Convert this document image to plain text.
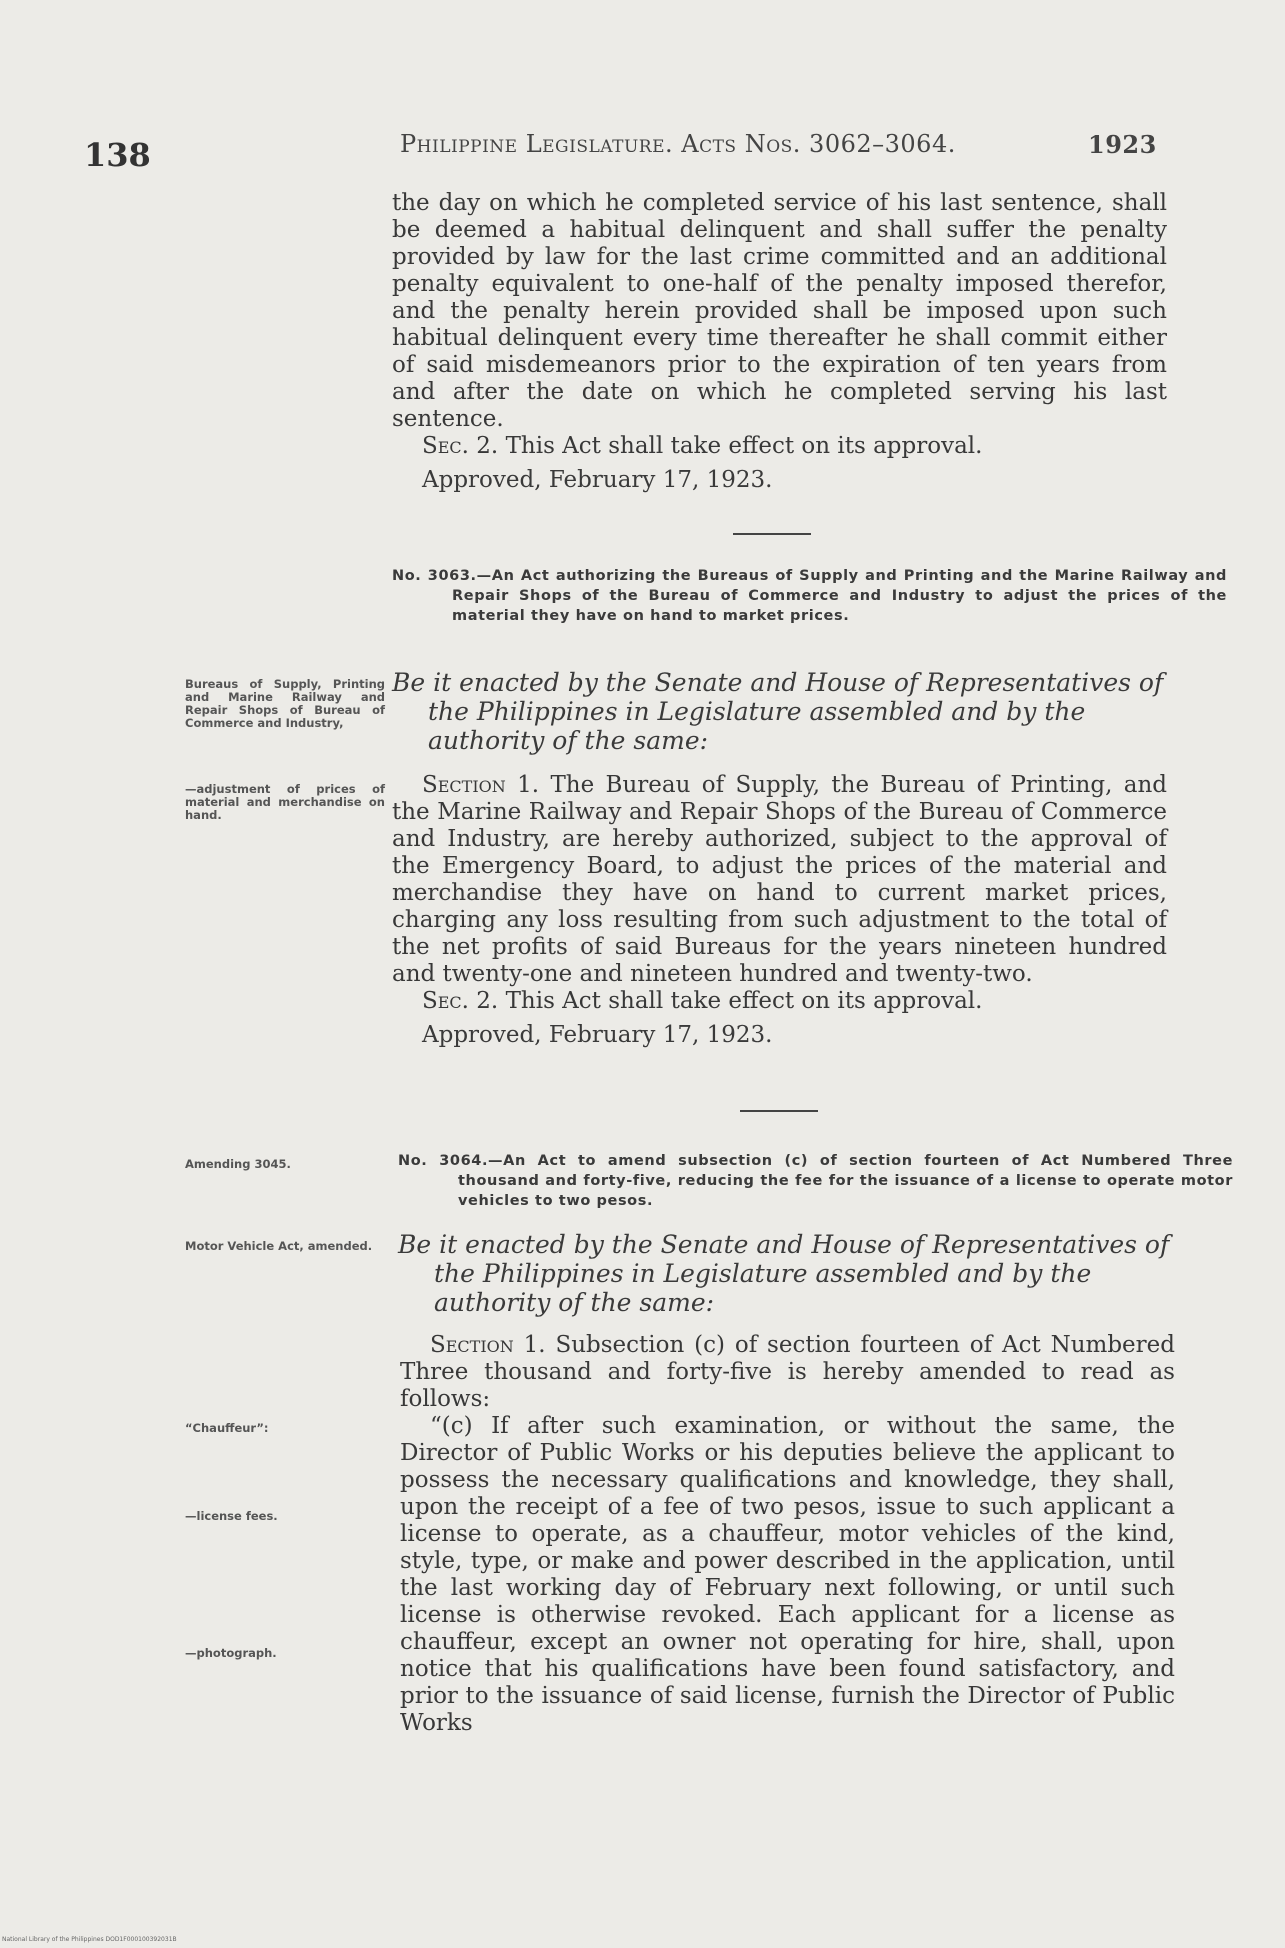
138	Philippine Legislature. Acts Nos. 3062–3064.	1923

the day on which he completed service of his last sentence, shall be deemed a habitual delinquent and shall suffer the penalty provided by law for the last crime committed and an additional penalty equivalent to one-half of the penalty imposed therefor, and the penalty herein provided shall be imposed upon such habitual delinquent every time thereafter he shall commit either of said misdemeanors prior to the expiration of ten years from and after the date on which he completed serving his last sentence.

Sec. 2. This Act shall take effect on its approval.

Approved, February 17, 1923.

No. 3063.—An Act authorizing the Bureaus of Supply and Printing and the Marine Railway and Repair Shops of the Bureau of Commerce and Industry to adjust the prices of the material they have on hand to market prices.
Bureaus of Supply, Printing and Marine Railway and Repair Shops of Bureau of Commerce and Industry,
—adjustment of prices of material and merchandise on hand.
Be it enacted by the Senate and House of Representatives of the Philippines in Legislature assembled and by the authority of the same:

Section 1. The Bureau of Supply, the Bureau of Printing, and the Marine Railway and Repair Shops of the Bureau of Commerce and Industry, are hereby authorized, subject to the approval of the Emergency Board, to adjust the prices of the material and merchandise they have on hand to current market prices, charging any loss resulting from such adjustment to the total of the net profits of said Bureaus for the years nineteen hundred and twenty-one and nineteen hundred and twenty-two.

Sec. 2. This Act shall take effect on its approval.

Approved, February 17, 1923.

Amending 3045.	No. 3064.—An Act to amend subsection (c) of section fourteen of Act Numbered Three thousand and forty-five, reducing the fee for the issuance of a license to operate motor vehicles to two pesos.
Motor Vehicle Act, amended.	Be it enacted by the Senate and House of Representatives of the Philippines in Legislature assembled and by the authority of the same:

Section 1. Subsection (c) of section fourteen of Act Numbered Three thousand and forty-five is hereby amended to read as follows:

“(c) If after such examination, or without the same, the Director of Public Works or his deputies believe the applicant to possess the necessary qualifications and knowledge, they shall, upon the receipt of a fee of two pesos, issue to such applicant a license to operate, as a chauffeur, motor vehicles of the kind, style, type, or make and power described in the application, until the last working day of February next following, or until such license is otherwise revoked. Each applicant for a license as chauffeur, except an owner not operating for hire, shall, upon notice that his qualifications have been found satisfactory, and prior to the issuance of said license, furnish the Director of Public Works

“Chauffeur”:
—license fees.
—photograph.
National Library of the Philippines DOD1F000100392031B
